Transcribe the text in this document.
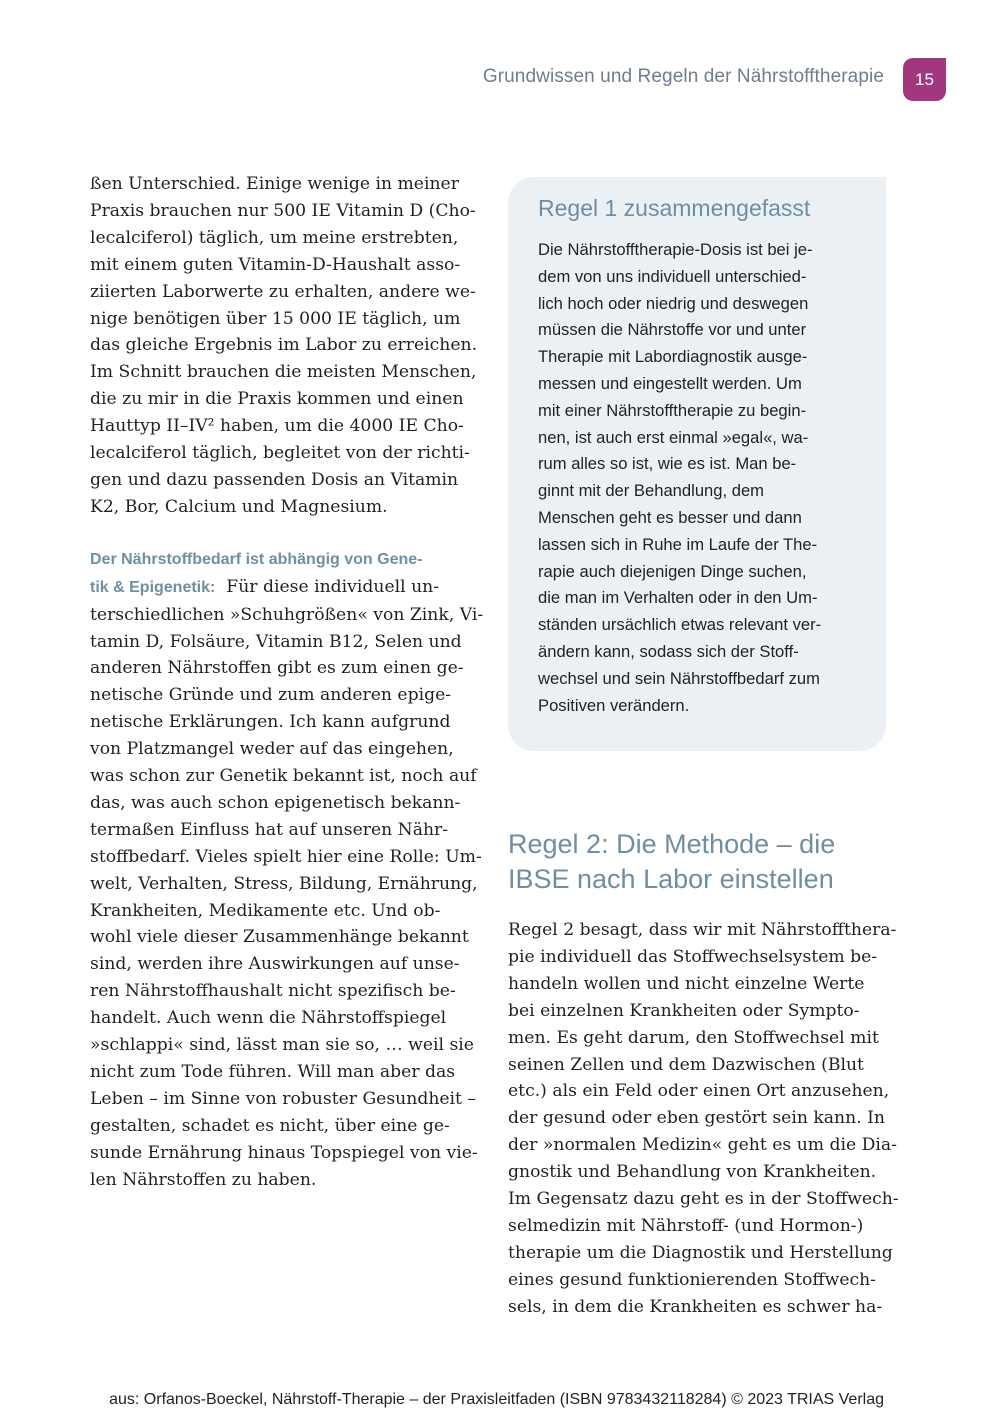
Grundwissen und Regeln der Nährstofftherapie	15

ßen Unterschied. Einige wenige in meiner

Praxis brauchen nur 500 IE Vitamin D (Cho-

lecalciferol) täglich, um meine erstrebten,

mit einem guten Vitamin-D-Haushalt asso-

ziierten Laborwerte zu erhalten, andere we-

nige benötigen über 15 000 IE täglich, um

das gleiche Ergebnis im Labor zu erreichen.

Im Schnitt brauchen die meisten Menschen,

die zu mir in die Praxis kommen und einen

Hauttyp II–IV² haben, um die 4000 IE Cho-

lecalciferol täglich, begleitet von der richti-

gen und dazu passenden Dosis an Vitamin

K2, Bor, Calcium und Magnesium.

Der Nährstoffbedarf ist abhängig von Gene-

tik & Epigenetik: Für diese individuell un-

terschiedlichen »Schuhgrößen« von Zink, Vi-

tamin D, Folsäure, Vitamin B12, Selen und

anderen Nährstoffen gibt es zum einen ge-

netische Gründe und zum anderen epige-

netische Erklärungen. Ich kann aufgrund

von Platzmangel weder auf das eingehen,

was schon zur Genetik bekannt ist, noch auf

das, was auch schon epigenetisch bekann-

termaßen Einfluss hat auf unseren Nähr-

stoffbedarf. Vieles spielt hier eine Rolle: Um-

welt, Verhalten, Stress, Bildung, Ernährung,

Krankheiten, Medikamente etc. Und ob-

wohl viele dieser Zusammenhänge bekannt

sind, werden ihre Auswirkungen auf unse-

ren Nährstoffhaushalt nicht spezifisch be-

handelt. Auch wenn die Nährstoffspiegel

»schlappi« sind, lässt man sie so, … weil sie

nicht zum Tode führen. Will man aber das

Leben – im Sinne von robuster Gesundheit –

gestalten, schadet es nicht, über eine ge-

sunde Ernährung hinaus Topspiegel von vie-

len Nährstoffen zu haben.

Regel 1 zusammengefasst

Die Nährstofftherapie-Dosis ist bei je-

dem von uns individuell unterschied-

lich hoch oder niedrig und deswegen

müssen die Nährstoffe vor und unter

Therapie mit Labordiagnostik ausge-

messen und eingestellt werden. Um

mit einer Nährstofftherapie zu begin-

nen, ist auch erst einmal »egal«, wa-

rum alles so ist, wie es ist. Man be-

ginnt mit der Behandlung, dem

Menschen geht es besser und dann

lassen sich in Ruhe im Laufe der The-

rapie auch diejenigen Dinge suchen,

die man im Verhalten oder in den Um-

ständen ursächlich etwas relevant ver-

ändern kann, sodass sich der Stoff-

wechsel und sein Nährstoffbedarf zum

Positiven verändern.

Regel 2: Die Methode – die
IBSE nach Labor einstellen

Regel 2 besagt, dass wir mit Nährstoffthera-

pie individuell das Stoffwechselsystem be-

handeln wollen und nicht einzelne Werte

bei einzelnen Krankheiten oder Sympto-

men. Es geht darum, den Stoffwechsel mit

seinen Zellen und dem Dazwischen (Blut

etc.) als ein Feld oder einen Ort anzusehen,

der gesund oder eben gestört sein kann. In

der »normalen Medizin« geht es um die Dia-

gnostik und Behandlung von Krankheiten.

Im Gegensatz dazu geht es in der Stoffwech-

selmedizin mit Nährstoff- (und Hormon-)

therapie um die Diagnostik und Herstellung

eines gesund funktionierenden Stoffwech-

sels, in dem die Krankheiten es schwer ha-

aus: Orfanos-Boeckel, Nährstoff-Therapie – der Praxisleitfaden (ISBN 9783432118284) © 2023 TRIAS Verlag
